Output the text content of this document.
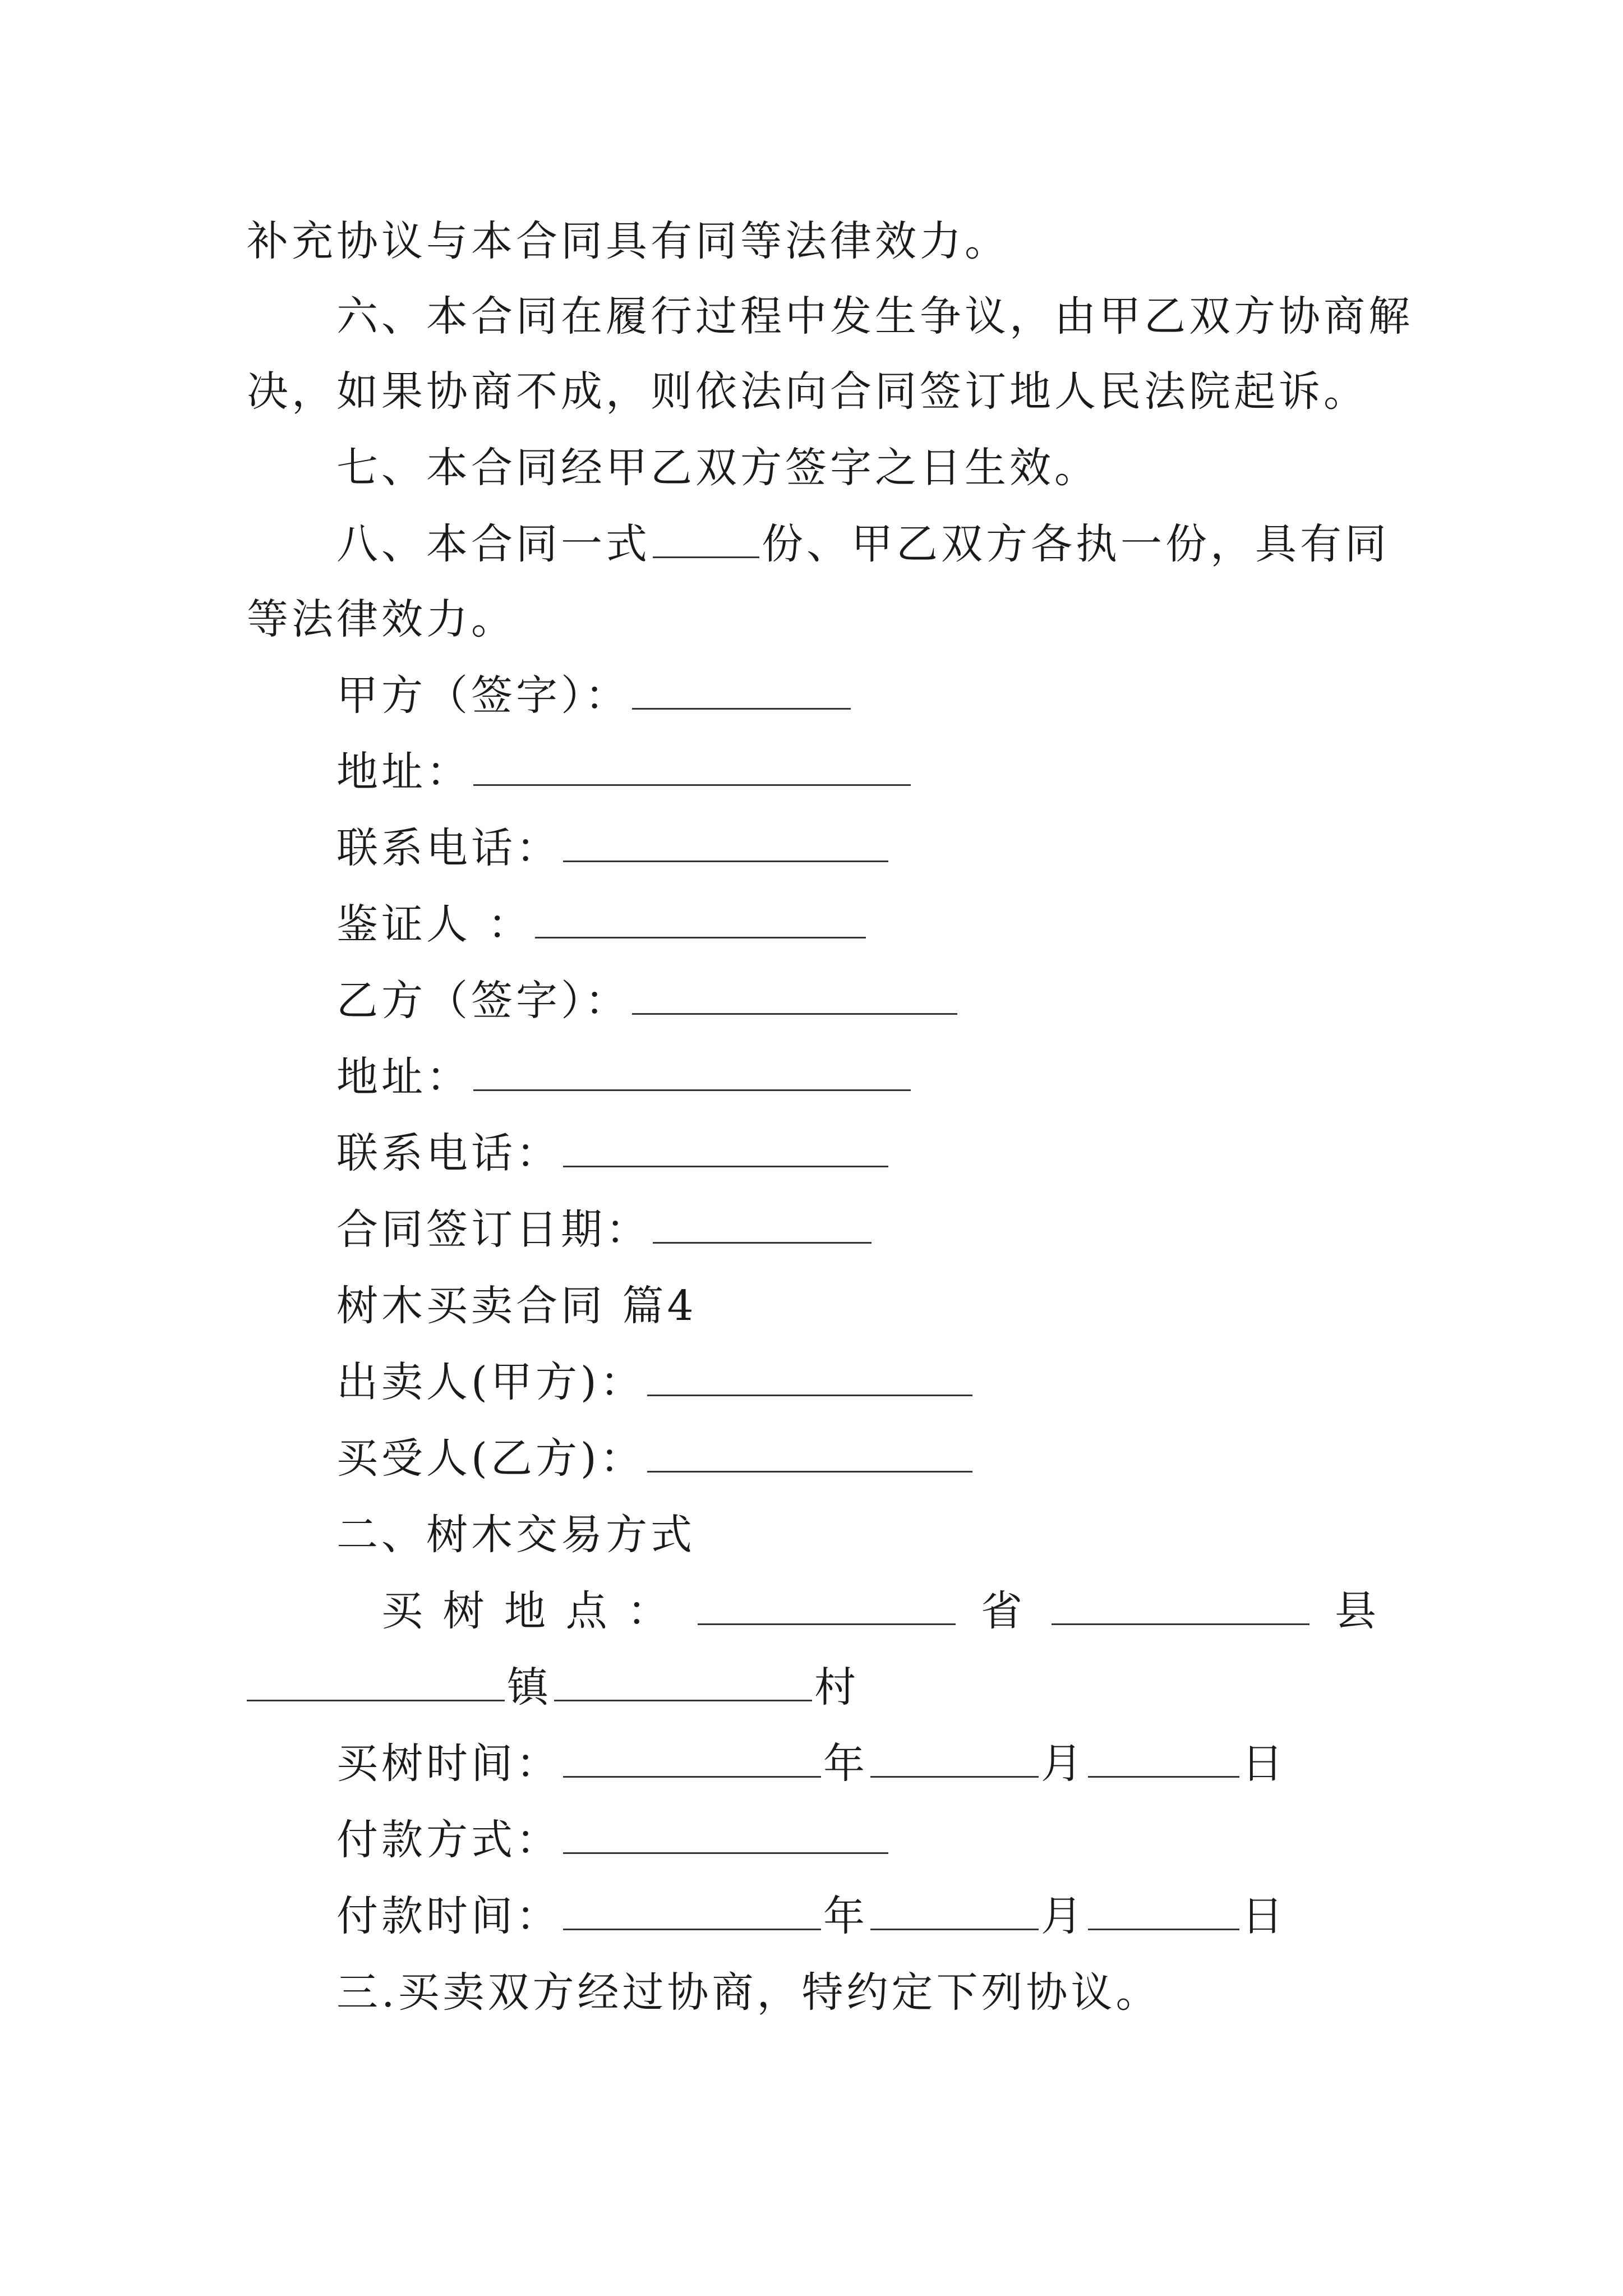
补充协议与本合同具有同等法律效力。
六、本合同在履行过程中发生争议，由甲乙双方协商解
决，如果协商不成，则依法向合同签订地人民法院起诉。
七、本合同经甲乙双方签字之日生效。
八、本合同一式	份、甲乙双方各执一份，具有同
等法律效力。
甲方（签字）：
地址：
联系电话：
鉴证人 ：
乙方（签字）：
地址：
联系电话：
合同签订日期：
树木买卖合同 篇4
出卖人(甲方)：
买受人(乙方)：
二、树木交易方式
买 树 地 点 ：	省	县
镇	村
买树时间：	年	月	日
付款方式：
付款时间：	年	月	日
三.买卖双方经过协商，特约定下列协议。
